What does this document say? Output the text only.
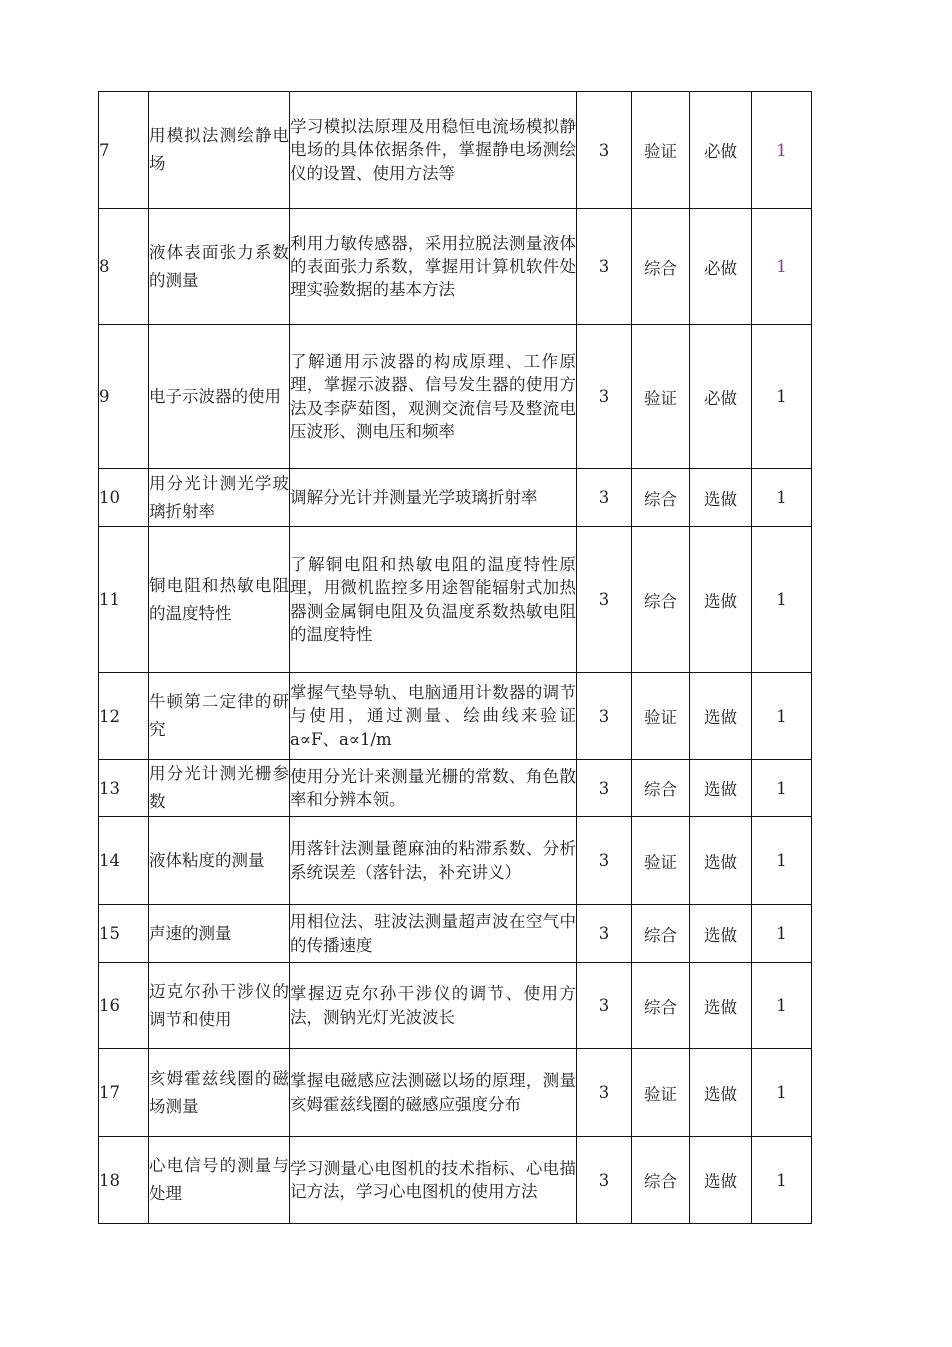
7	用模拟法测绘静电场	学习模拟法原理及用稳恒电流场模拟静电场的具体依据条件，掌握静电场测绘仪的设置、使用方法等	3	验证	必做	1
8	液体表面张力系数的测量	利用力敏传感器，采用拉脱法测量液体的表面张力系数，掌握用计算机软件处理实验数据的基本方法	3	综合	必做	1
9	电子示波器的使用	了解通用示波器的构成原理、工作原理，掌握示波器、信号发生器的使用方法及李萨茹图，观测交流信号及整流电压波形、测电压和频率	3	验证	必做	1
10	用分光计测光学玻璃折射率	调解分光计并测量光学玻璃折射率	3	综合	选做	1
11	铜电阻和热敏电阻的温度特性	了解铜电阻和热敏电阻的温度特性原理，用微机监控多用途智能辐射式加热器测金属铜电阻及负温度系数热敏电阻的温度特性	3	综合	选做	1
12	牛顿第二定律的研究	掌握气垫导轨、电脑通用计数器的调节与使用，通过测量、绘曲线来验证 a∝F、a∝1/m	3	验证	选做	1
13	用分光计测光栅参数	使用分光计来测量光栅的常数、角色散率和分辨本领。	3	综合	选做	1
14	液体粘度的测量	用落针法测量蓖麻油的粘滞系数、分析系统误差（落针法，补充讲义）	3	验证	选做	1
15	声速的测量	用相位法、驻波法测量超声波在空气中的传播速度	3	综合	选做	1
16	迈克尔孙干涉仪的调节和使用	掌握迈克尔孙干涉仪的调节、使用方法，测钠光灯光波波长	3	综合	选做	1
17	亥姆霍兹线圈的磁场测量	掌握电磁感应法测磁以场的原理，测量亥姆霍兹线圈的磁感应强度分布	3	验证	选做	1
18	心电信号的测量与处理	学习测量心电图机的技术指标、心电描记方法，学习心电图机的使用方法	3	综合	选做	1
